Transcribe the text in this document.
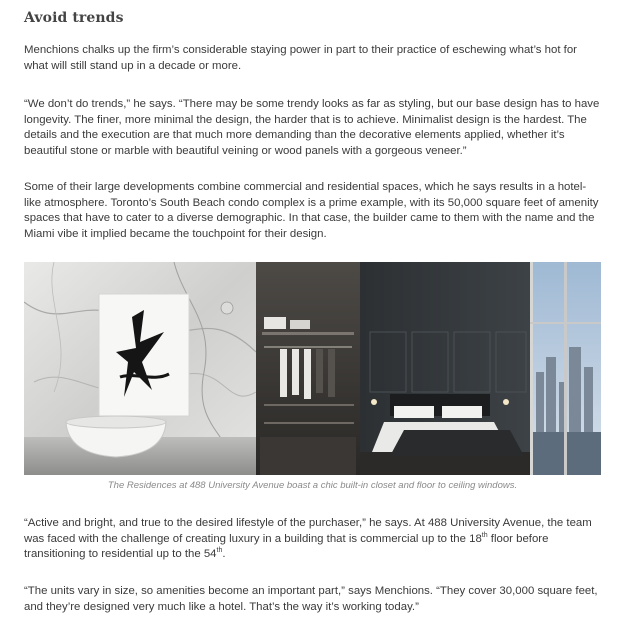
Avoid trends

Menchions chalks up the firm’s considerable staying power in part to their practice of eschewing what’s hot for what will still stand up in a decade or more.

“We don’t do trends,” he says. “There may be some trendy looks as far as styling, but our base design has to have longevity. The finer, more minimal the design, the harder that is to achieve. Minimalist design is the hardest. The details and the execution are that much more demanding than the decorative elements applied, whether it’s beautiful stone or marble with beautiful veining or wood panels with a gorgeous veneer.”

Some of their large developments combine commercial and residential spaces, which he says results in a hotel-like atmosphere. Toronto’s South Beach condo complex is a prime example, with its 50,000 square feet of amenity spaces that have to cater to a diverse demographic. In that case, the builder came to them with the name and the Miami vibe it implied became the touchpoint for their design.

The Residences at 488 University Avenue boast a chic built-in closet and floor to ceiling windows.

“Active and bright, and true to the desired lifestyle of the purchaser,” he says. At 488 University Avenue, the team was faced with the challenge of creating luxury in a building that is commercial up to the 18th floor before transitioning to residential up to the 54th.

“The units vary in size, so amenities become an important part,” says Menchions. “They cover 30,000 square feet, and they’re designed very much like a hotel. That’s the way it’s working today.”
